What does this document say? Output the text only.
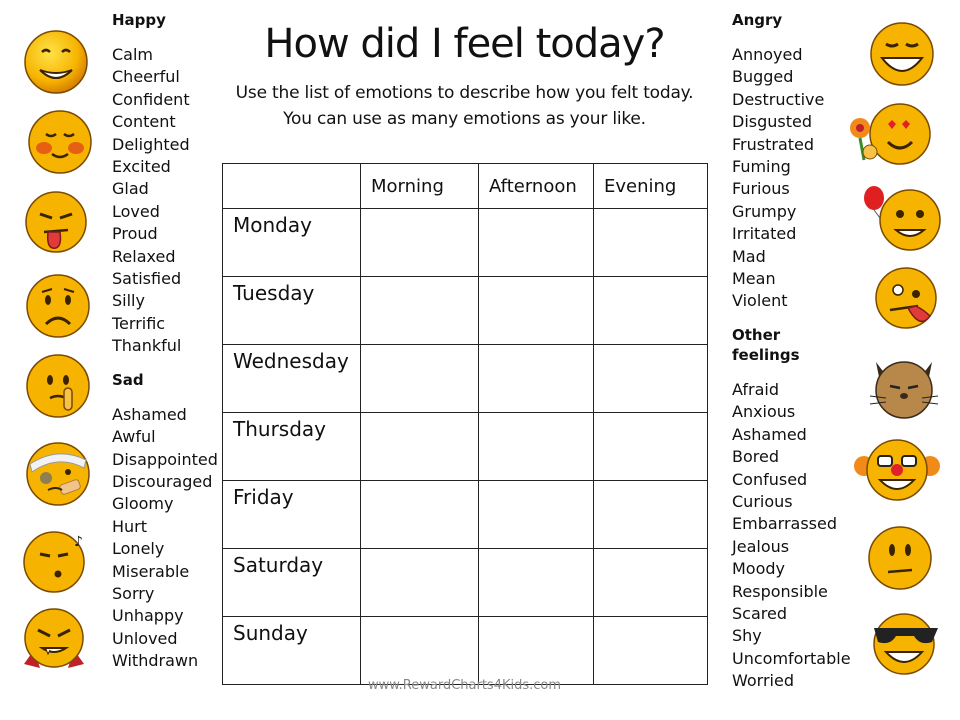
♪

Happy

Calm
Cheerful
Confident
Content
Delighted
Excited
Glad
Loved
Proud
Relaxed
Satisfied
Silly
Terrific
Thankful

Sad

Ashamed
Awful
Disappointed
Discouraged
Gloomy
Hurt
Lonely
Miserable
Sorry
Unhappy
Unloved
Withdrawn
How did I feel today?
Use the list of emotions to describe how you felt today.
You can use as many emotions as your like.
	Morning	Afternoon	Evening
Monday			
Tuesday			
Wednesday			
Thursday			
Friday			
Saturday			
Sunday			

www.RewardCharts4Kids.com

Angry

Annoyed
Bugged
Destructive
Disgusted
Frustrated
Fuming
Furious
Grumpy
Irritated
Mad
Mean
Violent

Other feelings

Afraid
Anxious
Ashamed
Bored
Confused
Curious
Embarrassed
Jealous
Moody
Responsible
Scared
Shy
Uncomfortable
Worried
